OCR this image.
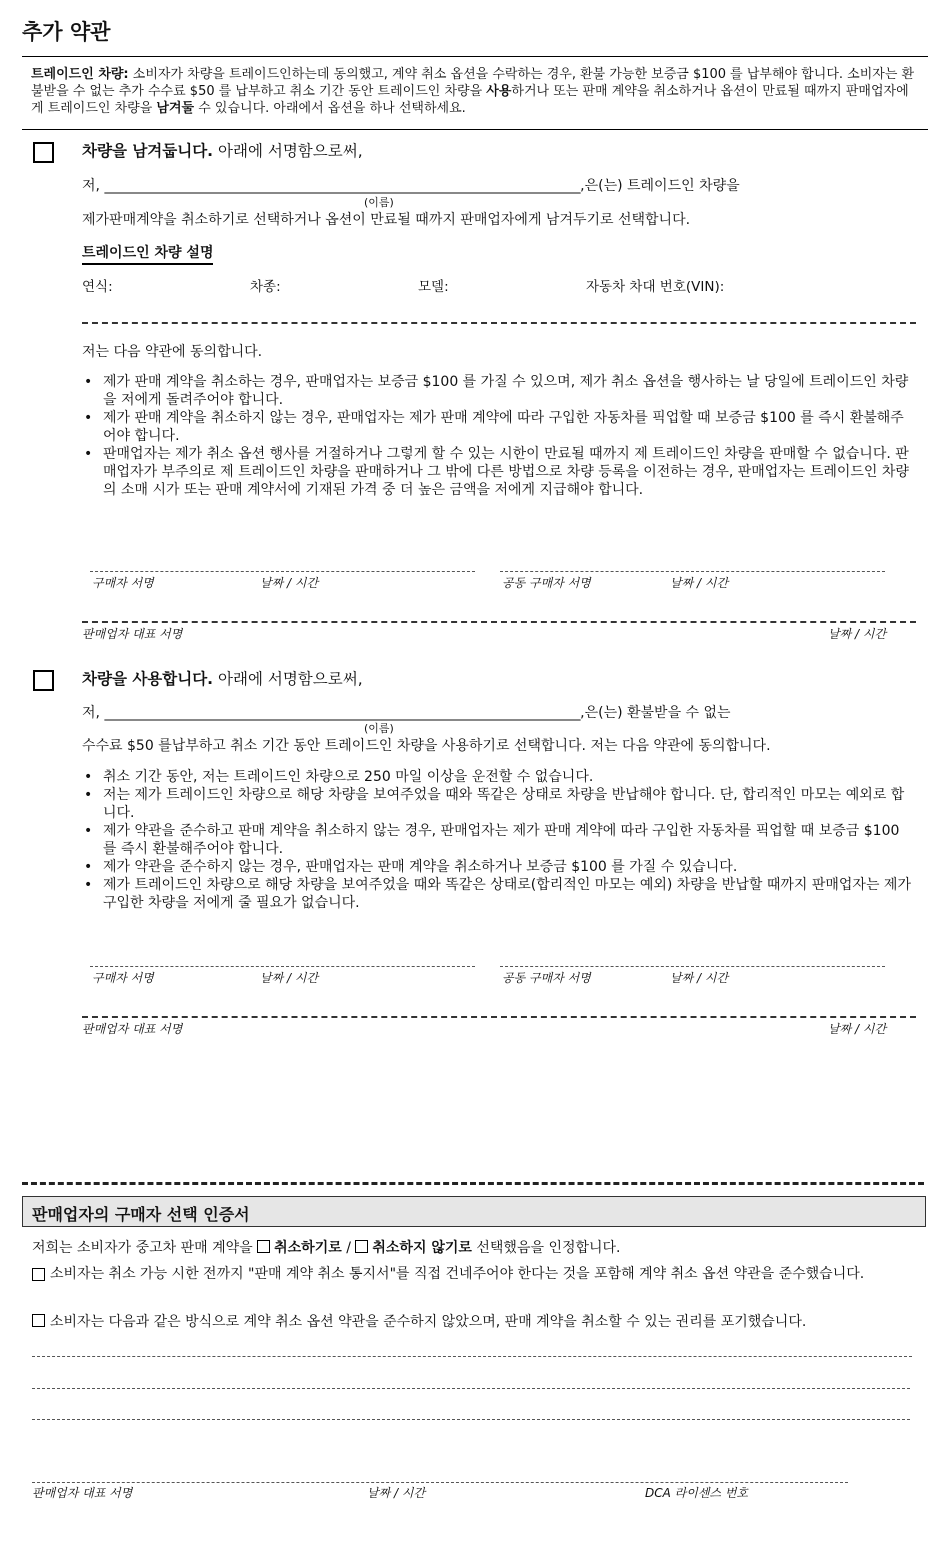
추가 약관
트레이드인 차량: 소비자가 차량을 트레이드인하는데 동의했고, 계약 취소 옵션을 수락하는 경우, 환불 가능한 보증금 $100 를 납부해야 합니다. 소비자는 환불받을 수 없는 추가 수수료 $50 를 납부하고 취소 기간 동안 트레이드인 차량을 사용하거나 또는 판매 계약을 취소하거나 옵션이 만료될 때까지 판매업자에게 트레이드인 차량을 남겨둘 수 있습니다. 아래에서 옵션을 하나 선택하세요.
차량을 남겨둡니다. 아래에 서명함으로써,
저, _______________________________________________________________________,은(는) 트레이드인 차량을
(이름)
제가판매계약을 취소하기로 선택하거나 옵션이 만료될 때까지 판매업자에게 남겨두기로 선택합니다.
트레이드인 차량 설명
연식:	차종:	모델:	자동차 차대 번호(VIN):
저는 다음 약관에 동의합니다.
• 제가 판매 계약을 취소하는 경우, 판매업자는 보증금 $100 를 가질 수 있으며, 제가 취소 옵션을 행사하는 날 당일에 트레이드인 차량을 저에게 돌려주어야 합니다.
• 제가 판매 계약을 취소하지 않는 경우, 판매업자는 제가 판매 계약에 따라 구입한 자동차를 픽업할 때 보증금 $100 를 즉시 환불해주어야 합니다.
• 판매업자는 제가 취소 옵션 행사를 거절하거나 그렇게 할 수 있는 시한이 만료될 때까지 제 트레이드인 차량을 판매할 수 없습니다. 판매업자가 부주의로 제 트레이드인 차량을 판매하거나 그 밖에 다른 방법으로 차량 등록을 이전하는 경우, 판매업자는 트레이드인 차량의 소매 시가 또는 판매 계약서에 기재된 가격 중 더 높은 금액을 저에게 지급해야 합니다.
구매자 서명	날짜 / 시간	공동 구매자 서명	날짜 / 시간
판매업자 대표 서명	날짜 / 시간
차량을 사용합니다. 아래에 서명함으로써,
저, _______________________________________________________________________,은(는) 환불받을 수 없는
(이름)
수수료 $50 를납부하고 취소 기간 동안 트레이드인 차량을 사용하기로 선택합니다. 저는 다음 약관에 동의합니다.
• 취소 기간 동안, 저는 트레이드인 차량으로 250 마일 이상을 운전할 수 없습니다.
• 저는 제가 트레이드인 차량으로 해당 차량을 보여주었을 때와 똑같은 상태로 차량을 반납해야 합니다. 단, 합리적인 마모는 예외로 합니다.
• 제가 약관을 준수하고 판매 계약을 취소하지 않는 경우, 판매업자는 제가 판매 계약에 따라 구입한 자동차를 픽업할 때 보증금 $100 를 즉시 환불해주어야 합니다.
• 제가 약관을 준수하지 않는 경우, 판매업자는 판매 계약을 취소하거나 보증금 $100 를 가질 수 있습니다.
• 제가 트레이드인 차량으로 해당 차량을 보여주었을 때와 똑같은 상태로(합리적인 마모는 예외) 차량을 반납할 때까지 판매업자는 제가 구입한 차량을 저에게 줄 필요가 없습니다.
구매자 서명	날짜 / 시간	공동 구매자 서명	날짜 / 시간
판매업자 대표 서명	날짜 / 시간
판매업자의 구매자 선택 인증서
저희는 소비자가 중고차 판매 계약을 취소하기로 / 취소하지 않기로 선택했음을 인정합니다.
소비자는 취소 가능 시한 전까지 "판매 계약 취소 통지서"를 직접 건네주어야 한다는 것을 포함해 계약 취소 옵션 약관을 준수했습니다.
소비자는 다음과 같은 방식으로 계약 취소 옵션 약관을 준수하지 않았으며, 판매 계약을 취소할 수 있는 권리를 포기했습니다.
판매업자 대표 서명	날짜 / 시간	DCA 라이센스 번호
